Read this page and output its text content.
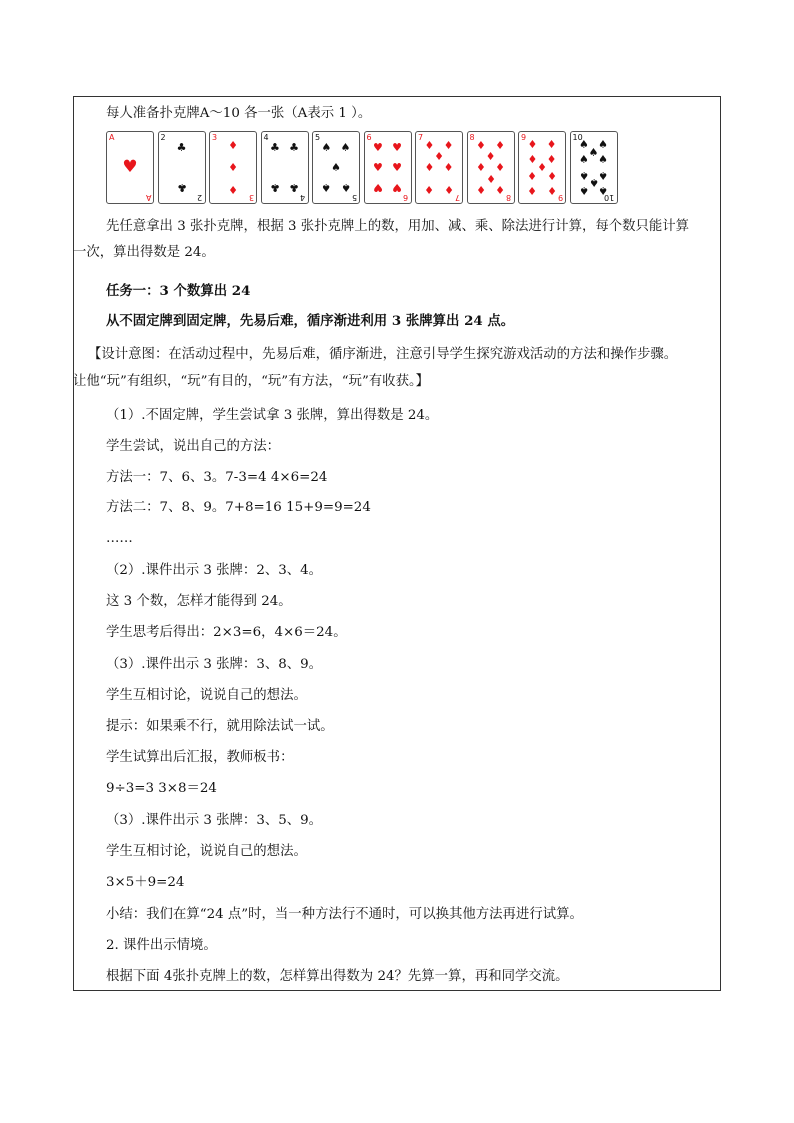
每人准备扑克牌A～10 各一张（A表示 1 ）。
A
A
♥
2
2
♣
♣
3
3
♦
♦
♦
4
4
♣ ♣
♣ ♣
5
5
♠ ♠
♠
♠ ♠
6
6
♥ ♥
♥ ♥
♥ ♥
7
7
♦ ♦
♦
♦ ♦
♦ ♦
8
8
♦ ♦
♦
♦ ♦
♦
♦ ♦
9
9
♦ ♦
♦ ♦
♦
♦ ♦
♦ ♦
10
10
♠ ♠
♠
♠ ♠
♠ ♠
♠
♠ ♠
先任意拿出 3 张扑克牌，根据 3 张扑克牌上的数，用加、减、乘、除法进行计算，每个数只能计算
一次，算出得数是 24。
任务一：3 个数算出 24
从不固定牌到固定牌，先易后难，循序渐进利用 3 张牌算出 24 点。
【设计意图：在活动过程中，先易后难，循序渐进，注意引导学生探究游戏活动的方法和操作步骤。
让他“玩”有组织，“玩”有目的，“玩”有方法，“玩”有收获。】
（1）.不固定牌，学生尝试拿 3 张牌，算出得数是 24。
学生尝试，说出自己的方法：
方法一：7、6、3。7-3=4 4×6=24
方法二：7、8、9。7+8=16 15+9=9=24
……
（2）.课件出示 3 张牌：2、3、4。
这 3 个数，怎样才能得到 24。
学生思考后得出：2×3=6，4×6＝24。
（3）.课件出示 3 张牌：3、8、9。
学生互相讨论，说说自己的想法。
提示：如果乘不行，就用除法试一试。
学生试算出后汇报，教师板书：
9÷3=3 3×8＝24
（3）.课件出示 3 张牌：3、5、9。
学生互相讨论，说说自己的想法。
3×5＋9=24
小结：我们在算“24 点”时，当一种方法行不通时，可以换其他方法再进行试算。
2. 课件出示情境。
根据下面 4张扑克牌上的数，怎样算出得数为 24？先算一算，再和同学交流。
